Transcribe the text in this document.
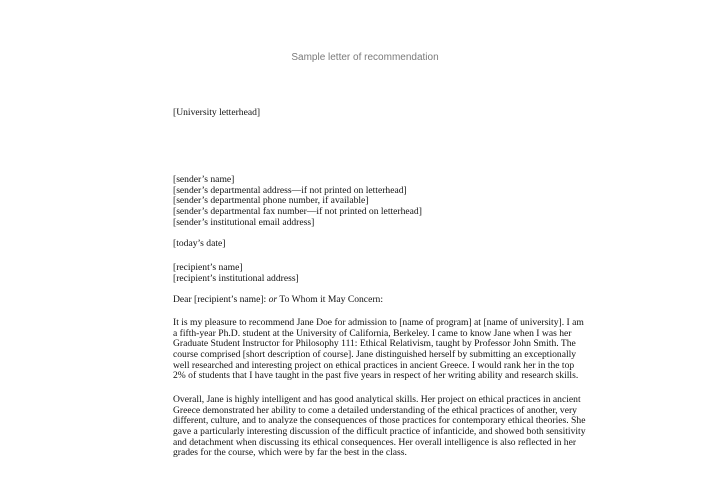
Sample letter of recommendation
[University letterhead]
[sender’s name]
[sender’s departmental address—if not printed on letterhead]
[sender’s departmental phone number, if available]
[sender’s departmental fax number—if not printed on letterhead]
[sender’s institutional email address]
[today’s date]
[recipient’s name]
[recipient’s institutional address]
Dear [recipient’s name]: or To Whom it May Concern:
It is my pleasure to recommend Jane Doe for admission to [name of program] at [name of university]. I am
a fifth-year Ph.D. student at the University of California, Berkeley. I came to know Jane when I was her
Graduate Student Instructor for Philosophy 111: Ethical Relativism, taught by Professor John Smith. The
course comprised [short description of course]. Jane distinguished herself by submitting an exceptionally
well researched and interesting project on ethical practices in ancient Greece. I would rank her in the top
2% of students that I have taught in the past five years in respect of her writing ability and research skills.
Overall, Jane is highly intelligent and has good analytical skills. Her project on ethical practices in ancient
Greece demonstrated her ability to come a detailed understanding of the ethical practices of another, very
different, culture, and to analyze the consequences of those practices for contemporary ethical theories. She
gave a particularly interesting discussion of the difficult practice of infanticide, and showed both sensitivity
and detachment when discussing its ethical consequences. Her overall intelligence is also reflected in her
grades for the course, which were by far the best in the class.
